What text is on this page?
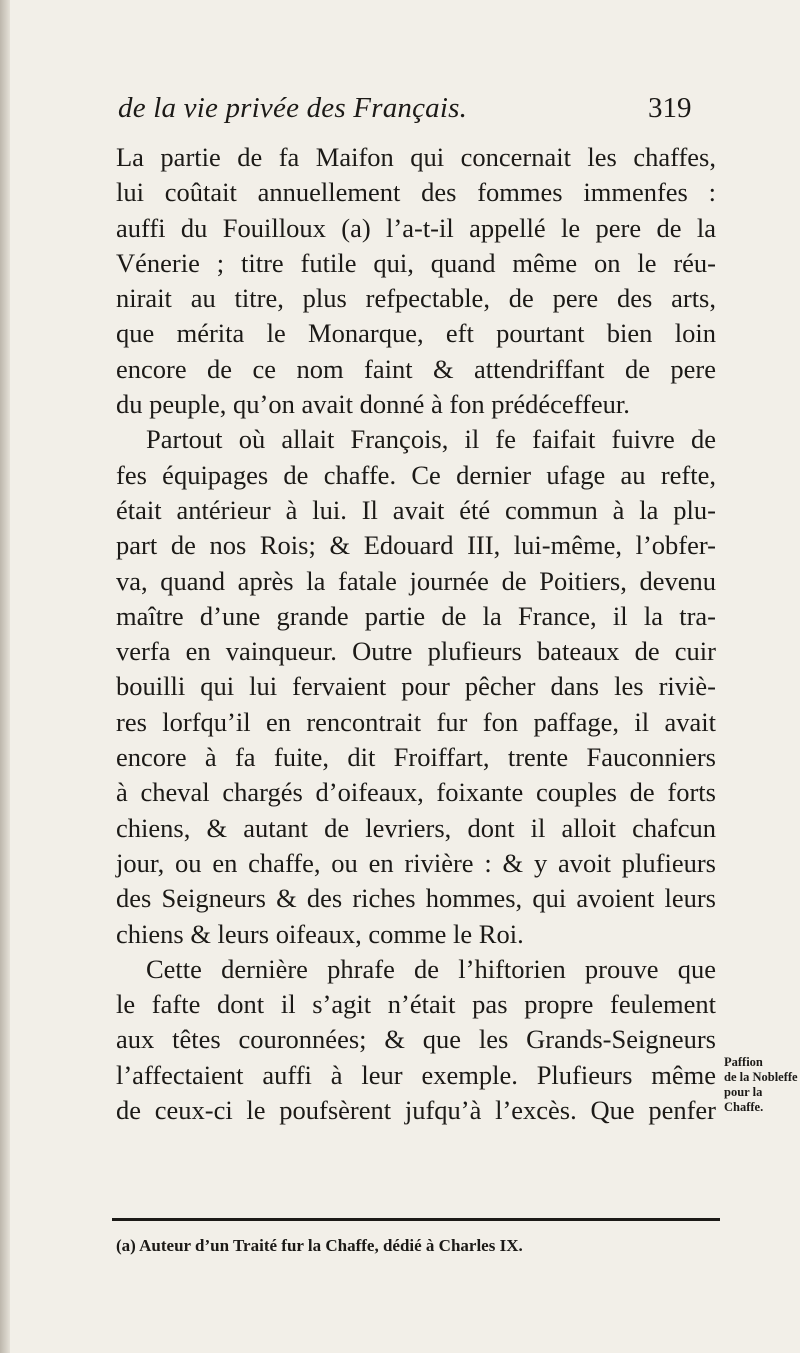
de la vie privée des Français.	319
La partie de fa Maifon qui concernait les chaffes,
lui coûtait annuellement des fommes immenfes :
auffi du Fouilloux (a) l’a-t-il appellé le pere de la
Vénerie ; titre futile qui, quand même on le réu-
nirait au titre, plus refpectable, de pere des arts,
que mérita le Monarque, eft pourtant bien loin
encore de ce nom faint & attendriffant de pere
du peuple, qu’on avait donné à fon prédéceffeur.
Partout où allait François, il fe faifait fuivre de
fes équipages de chaffe. Ce dernier ufage au refte,
était antérieur à lui. Il avait été commun à la plu-
part de nos Rois; & Edouard III, lui-même, l’obfer-
va, quand après la fatale journée de Poitiers, devenu
maître d’une grande partie de la France, il la tra-
verfa en vainqueur. Outre plufieurs bateaux de cuir
bouilli qui lui fervaient pour pêcher dans les riviè-
res lorfqu’il en rencontrait fur fon paffage, il avait
encore à fa fuite, dit Froiffart, trente Fauconniers
à cheval chargés d’oifeaux, foixante couples de forts
chiens, & autant de levriers, dont il alloit chafcun
jour, ou en chaffe, ou en rivière : & y avoit plufieurs
des Seigneurs & des riches hommes, qui avoient leurs
chiens & leurs oifeaux, comme le Roi.
Cette dernière phrafe de l’hiftorien prouve que
le fafte dont il s’agit n’était pas propre feulement
aux têtes couronnées; & que les Grands-Seigneurs
l’affectaient auffi à leur exemple. Plufieurs même
de ceux-ci le poufsèrent jufqu’à l’excès. Que penfer
Paffion
de la Nobleffe
pour la
Chaffe.
(a) Auteur d’un Traité fur la Chaffe, dédié à Charles IX.
